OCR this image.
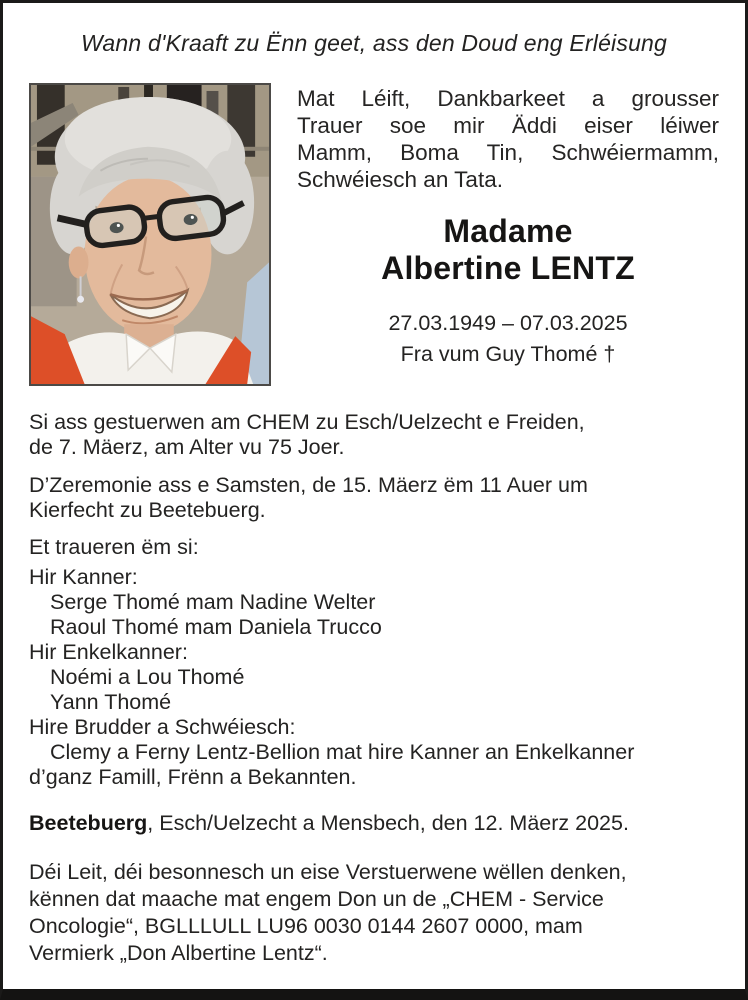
Wann d'Kraaft zu Ënn geet, ass den Doud eng Erléisung
Mat Léift, Dankbarkeet a grousser
Trauer soe mir Äddi eiser léiwer
Mamm, Boma Tin, Schwéiermamm,
Schwéiesch an Tata.
Madame
Albertine LENTZ
27.03.1949 – 07.03.2025
Fra vum Guy Thomé †
Si ass gestuerwen am CHEM zu Esch/Uelzecht e Freiden,
de 7. Mäerz, am Alter vu 75 Joer.
D’Zeremonie ass e Samsten, de 15. Mäerz ëm 11 Auer um
Kierfecht zu Beetebuerg.
Et traueren ëm si:
Hir Kanner:
Serge Thomé mam Nadine Welter
Raoul Thomé mam Daniela Trucco
Hir Enkelkanner:
Noémi a Lou Thomé
Yann Thomé
Hire Brudder a Schwéiesch:
Clemy a Ferny Lentz-Bellion mat hire Kanner an Enkelkanner
d’ganz Famill, Frënn a Bekannten.
Beetebuerg, Esch/Uelzecht a Mensbech, den 12. Mäerz 2025.
Déi Leit, déi besonnesch un eise Verstuerwene wëllen denken,
kënnen dat maache mat engem Don un de „CHEM - Service
Oncologie“, BGLLLULL LU96 0030 0144 2607 0000, mam
Vermierk „Don Albertine Lentz“.
